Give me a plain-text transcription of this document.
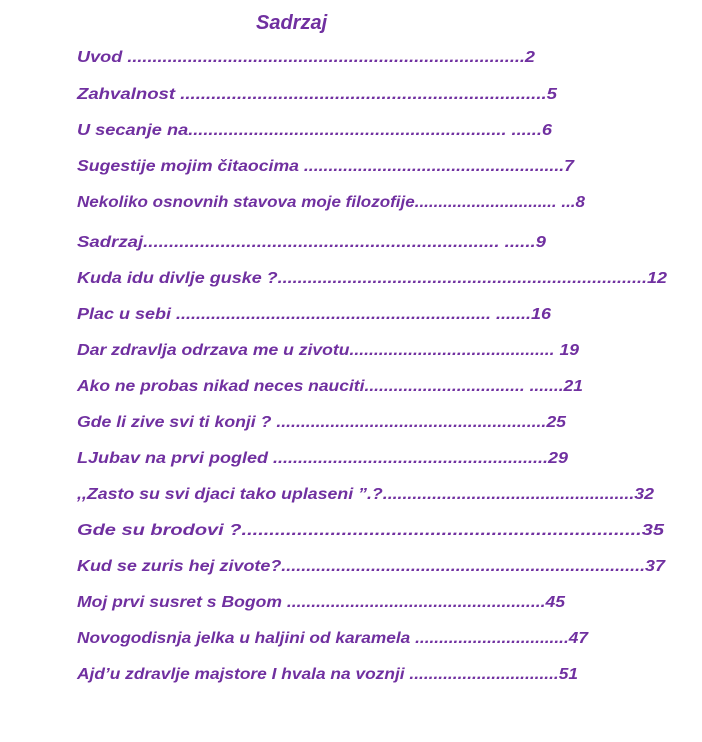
Sadrzaj
Uvod ...............................................................................2
Zahvalnost .......................................................................5
U secanje na............................................................... ......6
Sugestije mojim čitaocima .....................................................7
Nekoliko osnovnih stavova moje filozofije.............................. ...8
Sadrzaj..................................................................... ......9
Kuda idu divlje guske ?..........................................................................12
Plac u sebi ............................................................... .......16
Dar zdravlja odrzava me u zivotu.......................................... 19
Ako ne probas nikad neces nauciti................................. .......21
Gde li zive svi ti konji ? .......................................................25
LJubav na prvi pogled .......................................................29
,,Zasto su svi djaci tako uplaseni ”.?...................................................32
Gde su brodovi ?........................................................................35
Kud se zuris hej zivote?.........................................................................37
Moj prvi susret s Bogom .....................................................45
Novogodisnja jelka u haljini od karamela ................................47
Ajd’u zdravlje majstore I hvala na voznji ...............................51
